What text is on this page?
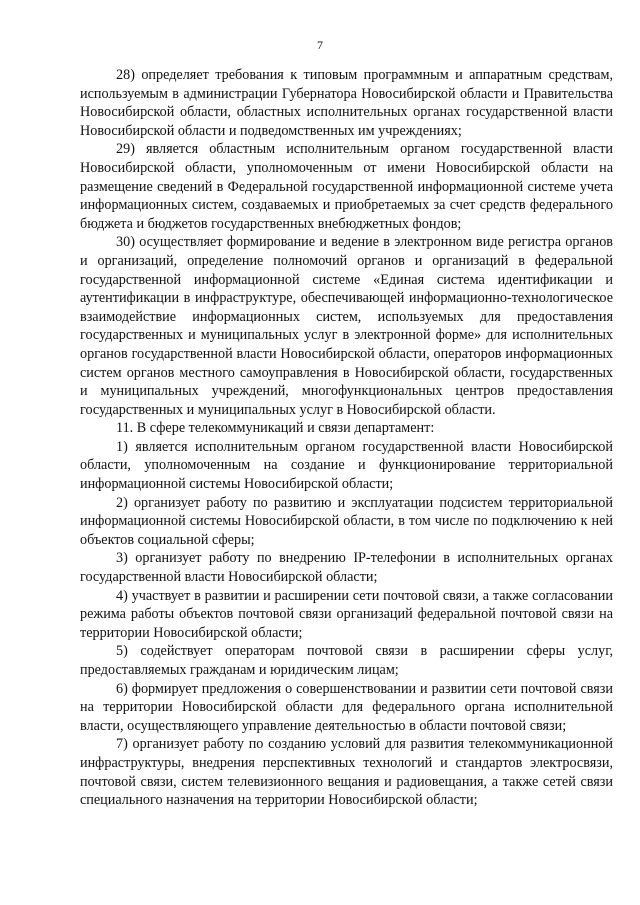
7

28) определяет требования к типовым программным и аппаратным средствам, используемым в администрации Губернатора Новосибирской области и Правительства Новосибирской области, областных исполнительных органах государственной власти Новосибирской области и подведомственных им учреждениях;

29) является областным исполнительным органом государственной власти Новосибирской области, уполномоченным от имени Новосибирской области на размещение сведений в Федеральной государственной информационной системе учета информационных систем, создаваемых и приобретаемых за счет средств федерального бюджета и бюджетов государственных внебюджетных фондов;

30) осуществляет формирование и ведение в электронном виде регистра органов и организаций, определение полномочий органов и организаций в федеральной государственной информационной системе «Единая система идентификации и аутентификации в инфраструктуре, обеспечивающей информационно-технологическое взаимодействие информационных систем, используемых для предоставления государственных и муниципальных услуг в электронной форме» для исполнительных органов государственной власти Новосибирской области, операторов информационных систем органов местного самоуправления в Новосибирской области, государственных и муниципальных учреждений, многофункциональных центров предоставления государственных и муниципальных услуг в Новосибирской области.

11. В сфере телекоммуникаций и связи департамент:

1) является исполнительным органом государственной власти Новосибирской области, уполномоченным на создание и функционирование территориальной информационной системы Новосибирской области;

2) организует работу по развитию и эксплуатации подсистем территориальной информационной системы Новосибирской области, в том числе по подключению к ней объектов социальной сферы;

3) организует работу по внедрению IP-телефонии в исполнительных органах государственной власти Новосибирской области;

4) участвует в развитии и расширении сети почтовой связи, а также согласовании режима работы объектов почтовой связи организаций федеральной почтовой связи на территории Новосибирской области;

5) содействует операторам почтовой связи в расширении сферы услуг, предоставляемых гражданам и юридическим лицам;

6) формирует предложения о совершенствовании и развитии сети почтовой связи на территории Новосибирской области для федерального органа исполнительной власти, осуществляющего управление деятельностью в области почтовой связи;

7) организует работу по созданию условий для развития телекоммуникационной инфраструктуры, внедрения перспективных технологий и стандартов электросвязи, почтовой связи, систем телевизионного вещания и радиовещания, а также сетей связи специального назначения на территории Новосибирской области;
